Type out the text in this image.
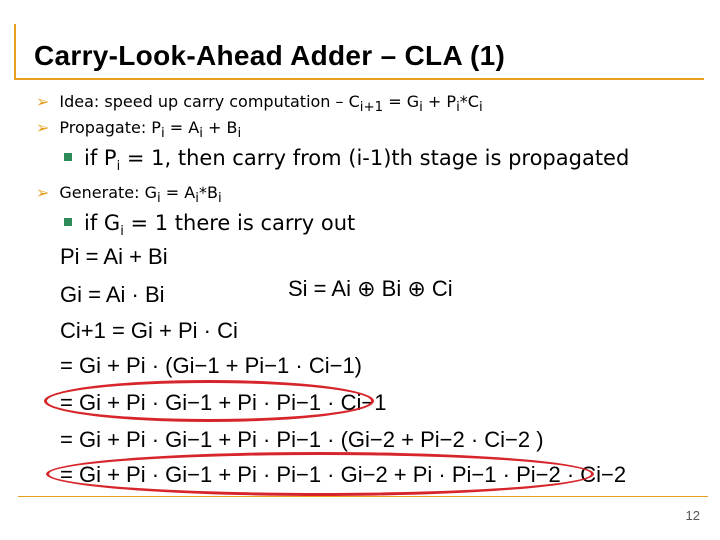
Carry-Look-Ahead Adder – CLA (1)
➢ Idea: speed up carry computation – $C_{i+1} = G_i + P_i*C_i$
➢ Propagate: $P_i = A_i + B_i$
if $P_i = 1$, then carry from (i-1)th stage is propagated
➢ Generate: $G_i = A_i*B_i$
if $G_i = 1$ there is carry out
Pi = Ai + Bi
Gi = Ai · Bi	Si = Ai ⊕ Bi ⊕ Ci
Ci+1 = Gi + Pi · Ci
= Gi + Pi · (Gi−1 + Pi−1 · Ci−1)
= Gi + Pi · Gi−1 + Pi · Pi−1 · Ci−1
= Gi + Pi · Gi−1 + Pi · Pi−1 · (Gi−2 + Pi−2 · Ci−2 )
= Gi + Pi · Gi−1 + Pi · Pi−1 · Gi−2 + Pi · Pi−1 · Pi−2 · Ci−2
12
